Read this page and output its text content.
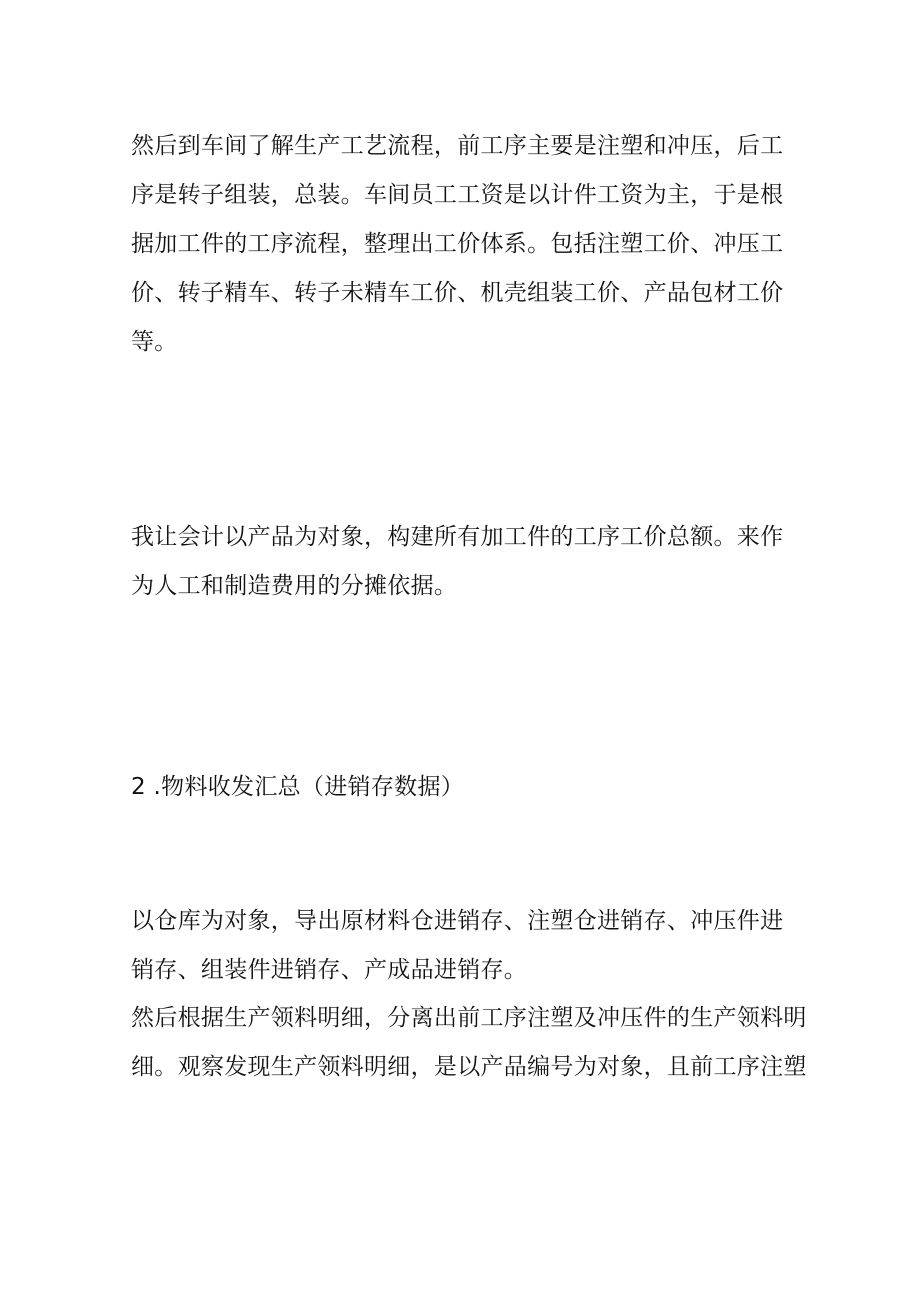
然后到车间了解生产工艺流程，前工序主要是注塑和冲压，后工
序是转子组装，总装。车间员工工资是以计件工资为主，于是根
据加工件的工序流程，整理出工价体系。包括注塑工价、冲压工
价、转子精车、转子未精车工价、机壳组装工价、产品包材工价
等。
我让会计以产品为对象，构建所有加工件的工序工价总额。来作
为人工和制造费用的分摊依据。
2 .物料收发汇总（进销存数据）
以仓库为对象，导出原材料仓进销存、注塑仓进销存、冲压件进
销存、组装件进销存、产成品进销存。
然后根据生产领料明细，分离出前工序注塑及冲压件的生产领料明
细。观察发现生产领料明细，是以产品编号为对象，且前工序注塑
